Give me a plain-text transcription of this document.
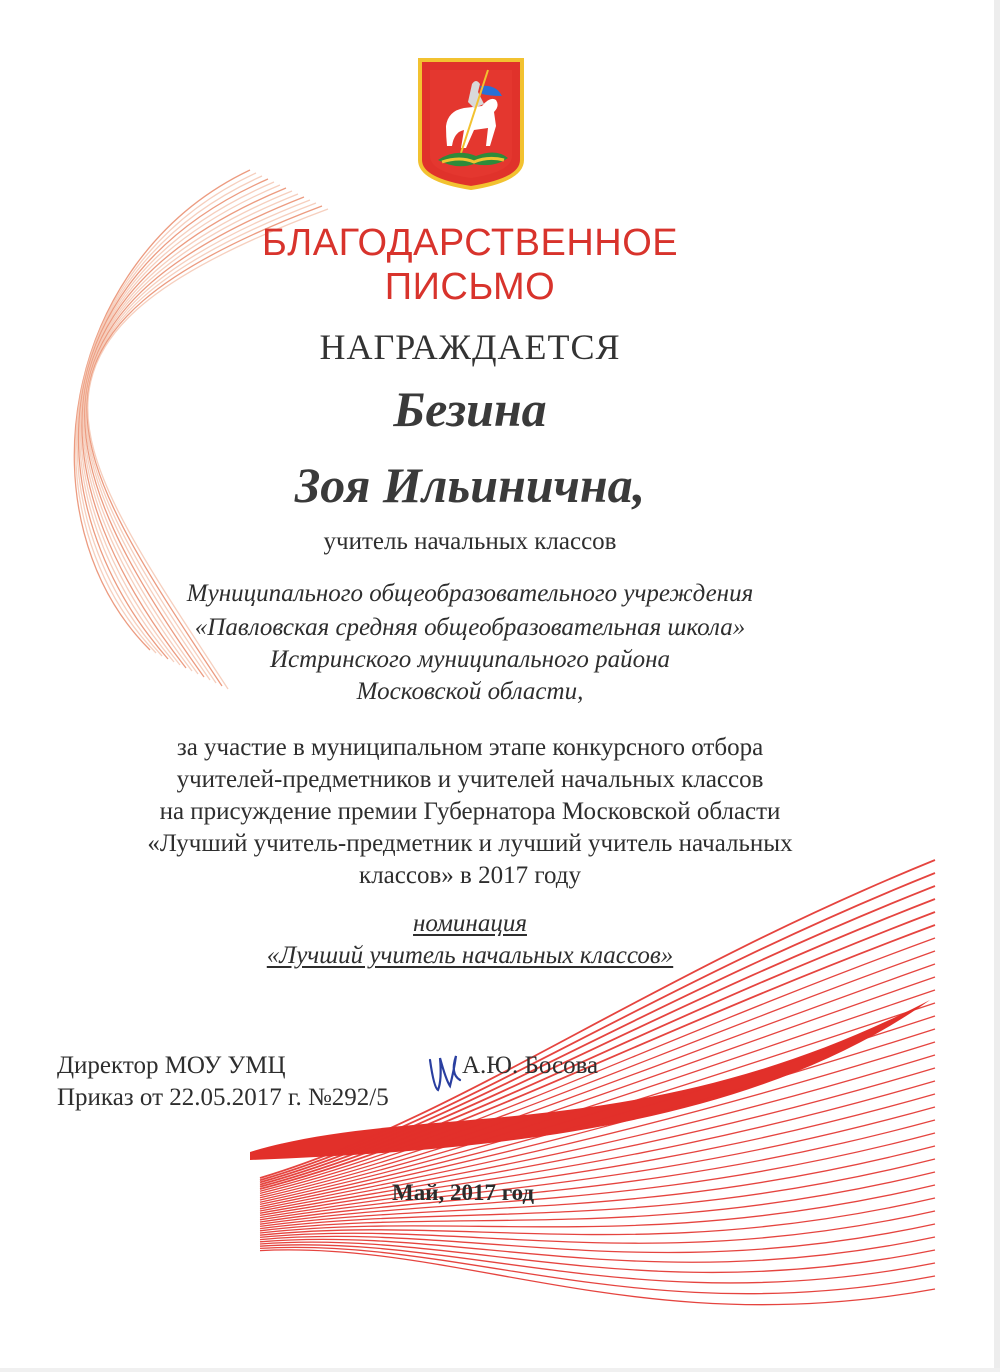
БЛАГОДАРСТВЕННОЕ
ПИСЬМО
НАГРАЖДАЕТСЯ
Безина
Зоя Ильинична,
учитель начальных классов
Муниципального общеобразовательного учреждения
«Павловская средняя общеобразовательная школа»
Истринского муниципального района
Московской области,
за участие в муниципальном этапе конкурсного отбора
учителей-предметников и учителей начальных классов
на присуждение премии Губернатора Московской области
«Лучший учитель-предметник и лучший учитель начальных
классов» в 2017 году
номинация
«Лучший учитель начальных классов»
Директор МОУ УМЦ
Приказ от 22.05.2017 г. №292/5
А.Ю. Босова
Май, 2017 год
